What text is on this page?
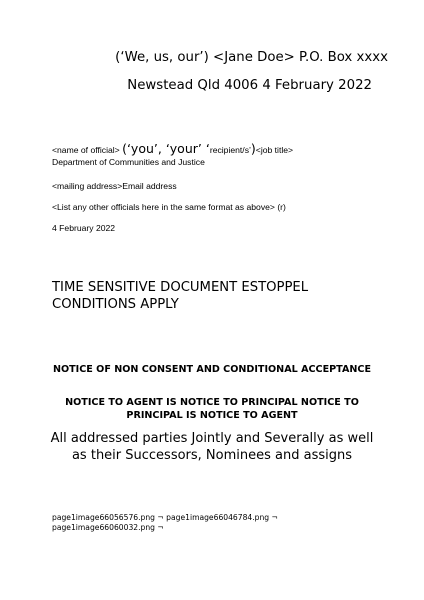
(‘We, us, our’) <Jane Doe> P.O. Box xxxx
Newstead Qld 4006 4 February 2022
<name of official> (‘you’, ‘your’ ‘recipient/s’)<job title>
Department of Communities and Justice
<mailing address>Email address
<List any other officials here in the same format as above> (r)
4 February 2022
TIME SENSITIVE DOCUMENT ESTOPPEL CONDITIONS APPLY
NOTICE OF NON CONSENT AND CONDITIONAL ACCEPTANCE
NOTICE TO AGENT IS NOTICE TO PRINCIPAL NOTICE TO PRINCIPAL IS NOTICE TO AGENT
All addressed parties Jointly and Severally as well as their Successors, Nominees and assigns
page1image66056576.png ¬ page1image66046784.png ¬ page1image66060032.png ¬
